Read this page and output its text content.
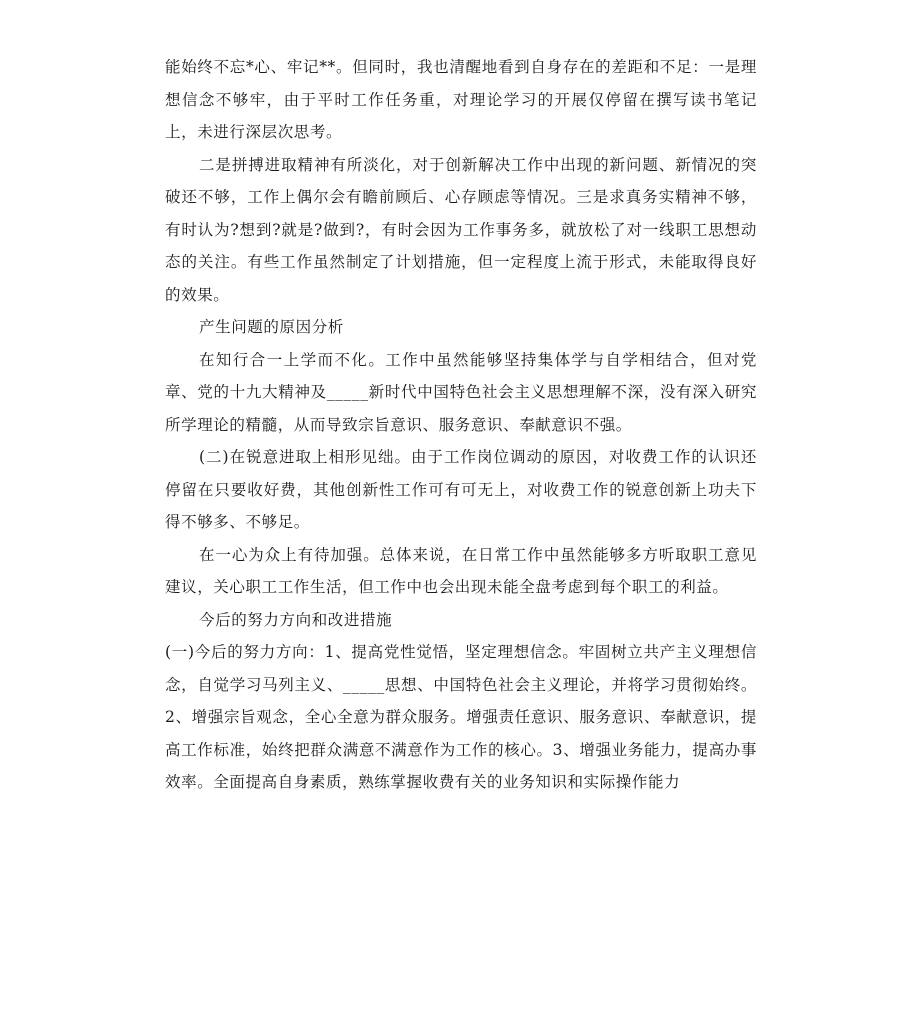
能始终不忘*心、牢记**。但同时，我也清醒地看到自身存在的差距和不足：一是理想信念不够牢，由于平时工作任务重，对理论学习的开展仅停留在撰写读书笔记上，未进行深层次思考。

二是拼搏进取精神有所淡化，对于创新解决工作中出现的新问题、新情况的突破还不够，工作上偶尔会有瞻前顾后、心存顾虑等情况。三是求真务实精神不够，有时认为?想到?就是?做到?，有时会因为工作事务多，就放松了对一线职工思想动态的关注。有些工作虽然制定了计划措施，但一定程度上流于形式，未能取得良好的效果。

产生问题的原因分析

在知行合一上学而不化。工作中虽然能够坚持集体学与自学相结合，但对党章、党的十九大精神及_____新时代中国特色社会主义思想理解不深，没有深入研究所学理论的精髓，从而导致宗旨意识、服务意识、奉献意识不强。

(二)在锐意进取上相形见绌。由于工作岗位调动的原因，对收费工作的认识还停留在只要收好费，其他创新性工作可有可无上，对收费工作的锐意创新上功夫下得不够多、不够足。

在一心为众上有待加强。总体来说，在日常工作中虽然能够多方听取职工意见建议，关心职工工作生活，但工作中也会出现未能全盘考虑到每个职工的利益。

今后的努力方向和改进措施

(一)今后的努力方向：1、提高党性觉悟，坚定理想信念。牢固树立共产主义理想信念，自觉学习马列主义、_____思想、中国特色社会主义理论，并将学习贯彻始终。2、增强宗旨观念，全心全意为群众服务。增强责任意识、服务意识、奉献意识，提高工作标准，始终把群众满意不满意作为工作的核心。3、增强业务能力，提高办事效率。全面提高自身素质，熟练掌握收费有关的业务知识和实际操作能力
